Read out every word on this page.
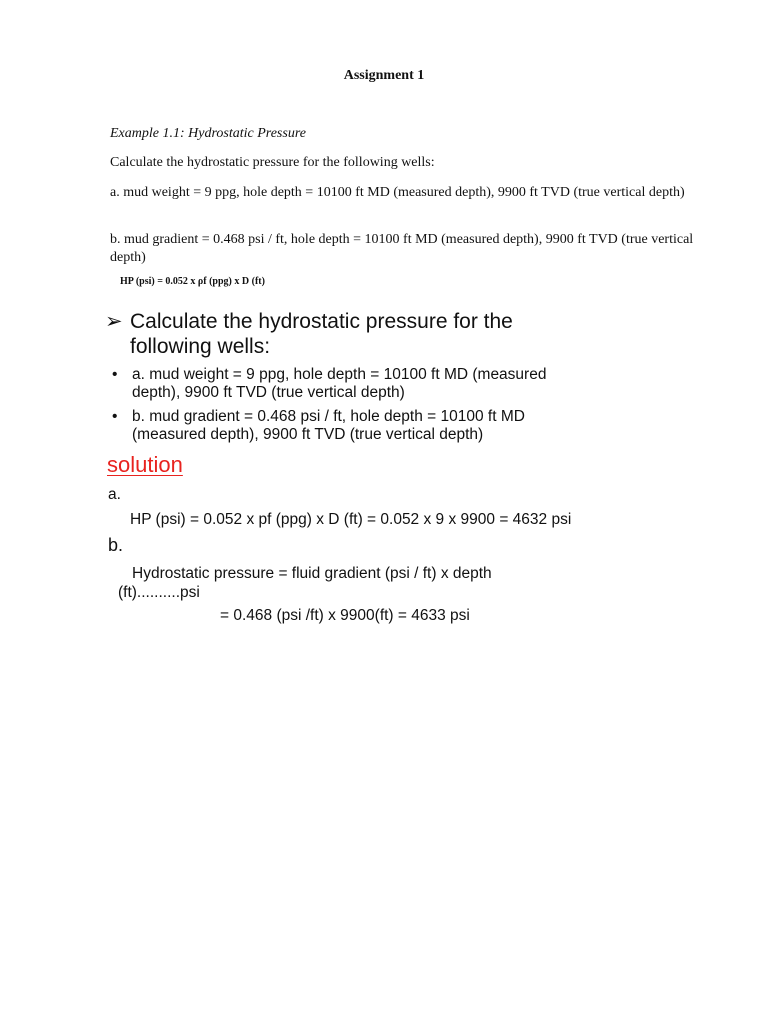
Assignment 1
Example 1.1: Hydrostatic Pressure
Calculate the hydrostatic pressure for the following wells:
a. mud weight = 9 ppg, hole depth = 10100 ft MD (measured depth), 9900 ft TVD (true vertical depth)
b. mud gradient = 0.468 psi / ft, hole depth = 10100 ft MD (measured depth), 9900 ft TVD (true vertical depth)
HP (psi) = 0.052 x ρf (ppg) x D (ft)
➢ Calculate the hydrostatic pressure for the following wells:
• a. mud weight = 9 ppg, hole depth = 10100 ft MD (measured depth), 9900 ft TVD (true vertical depth)
• b. mud gradient = 0.468 psi / ft, hole depth = 10100 ft MD (measured depth), 9900 ft TVD (true vertical depth)
solution
a.
HP (psi) = 0.052 x pf (ppg) x D (ft) = 0.052 x 9 x 9900 = 4632 psi
b.
Hydrostatic pressure = fluid gradient (psi / ft) x depth
(ft)..........psi
= 0.468 (psi /ft) x 9900(ft) = 4633 psi
